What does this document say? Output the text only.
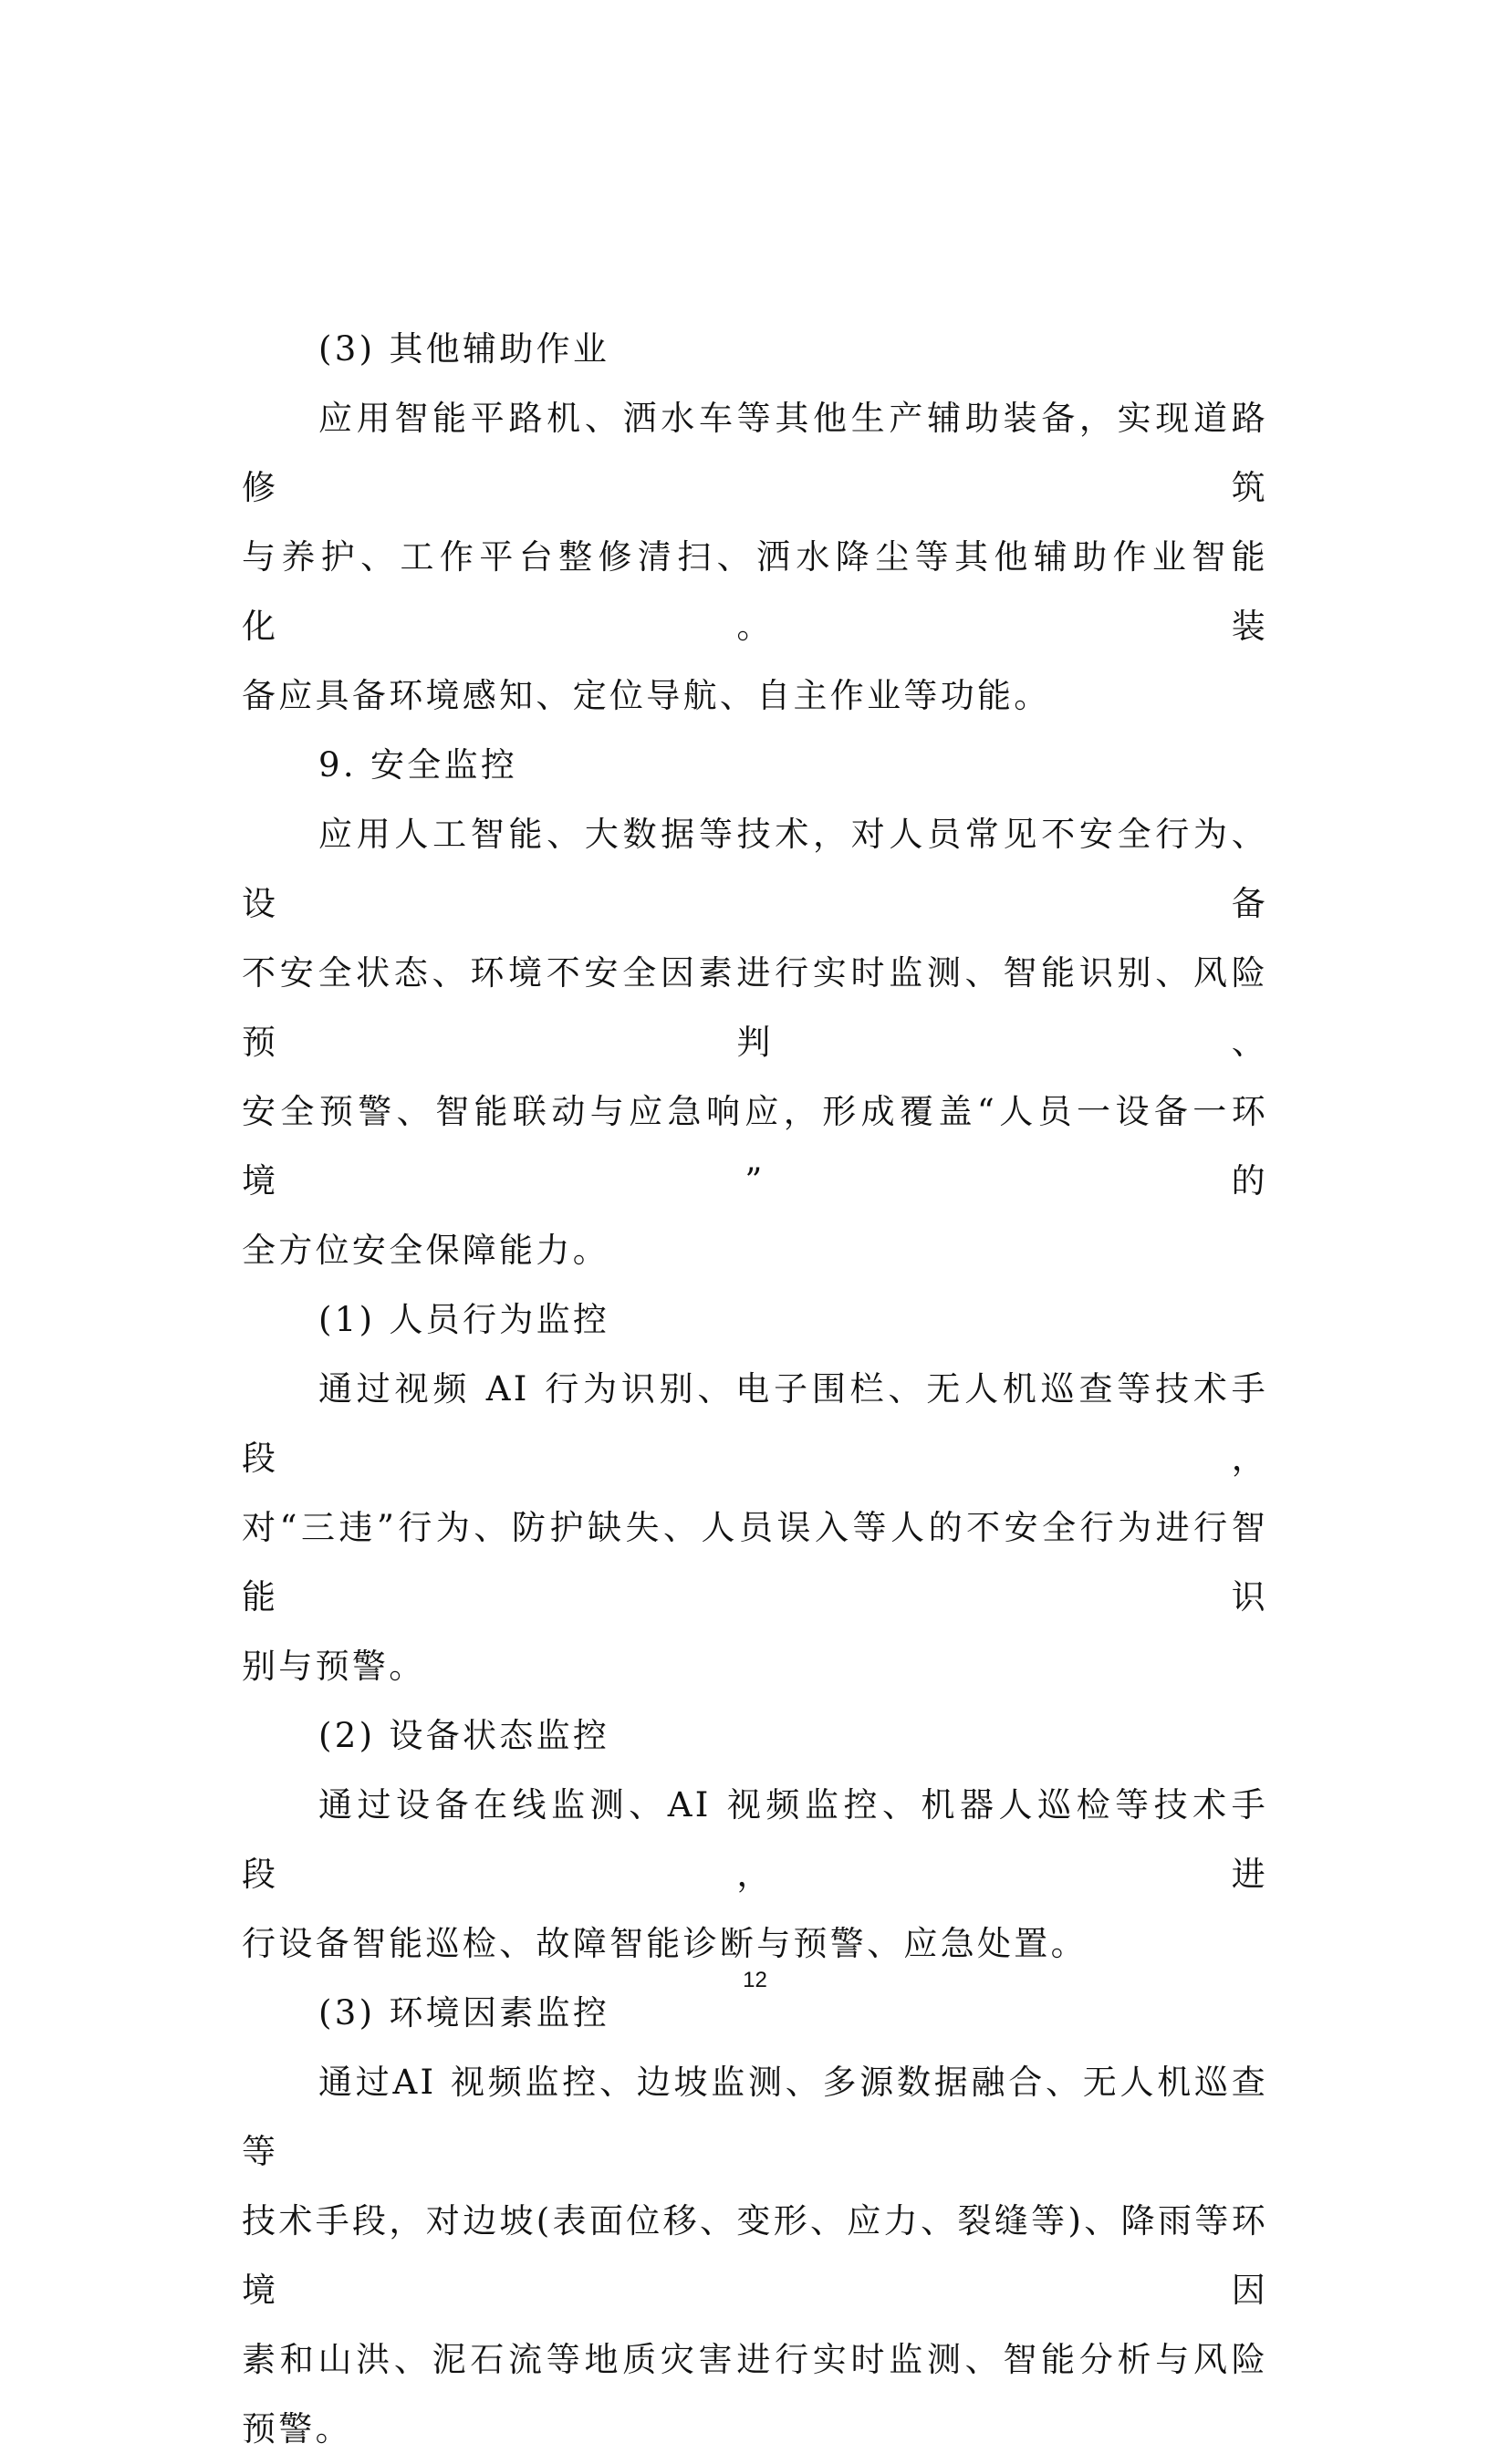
(3) 其他辅助作业
应用智能平路机、洒水车等其他生产辅助装备，实现道路修筑
与养护、工作平台整修清扫、洒水降尘等其他辅助作业智能化。装
备应具备环境感知、定位导航、自主作业等功能。
9. 安全监控
应用人工智能、大数据等技术，对人员常见不安全行为、设备
不安全状态、环境不安全因素进行实时监测、智能识别、风险预判、
安全预警、智能联动与应急响应，形成覆盖“人员一设备一环境”的
全方位安全保障能力。
(1) 人员行为监控
通过视频 AI 行为识别、电子围栏、无人机巡查等技术手段，
对“三违”行为、防护缺失、人员误入等人的不安全行为进行智能识
别与预警。
(2) 设备状态监控
通过设备在线监测、AI 视频监控、机器人巡检等技术手段，进
行设备智能巡检、故障智能诊断与预警、应急处置。
(3) 环境因素监控
通过AI 视频监控、边坡监测、多源数据融合、无人机巡查等
技术手段，对边坡(表面位移、变形、应力、裂缝等)、降雨等环境因
素和山洪、泥石流等地质灾害进行实时监测、智能分析与风险
预警。
12
